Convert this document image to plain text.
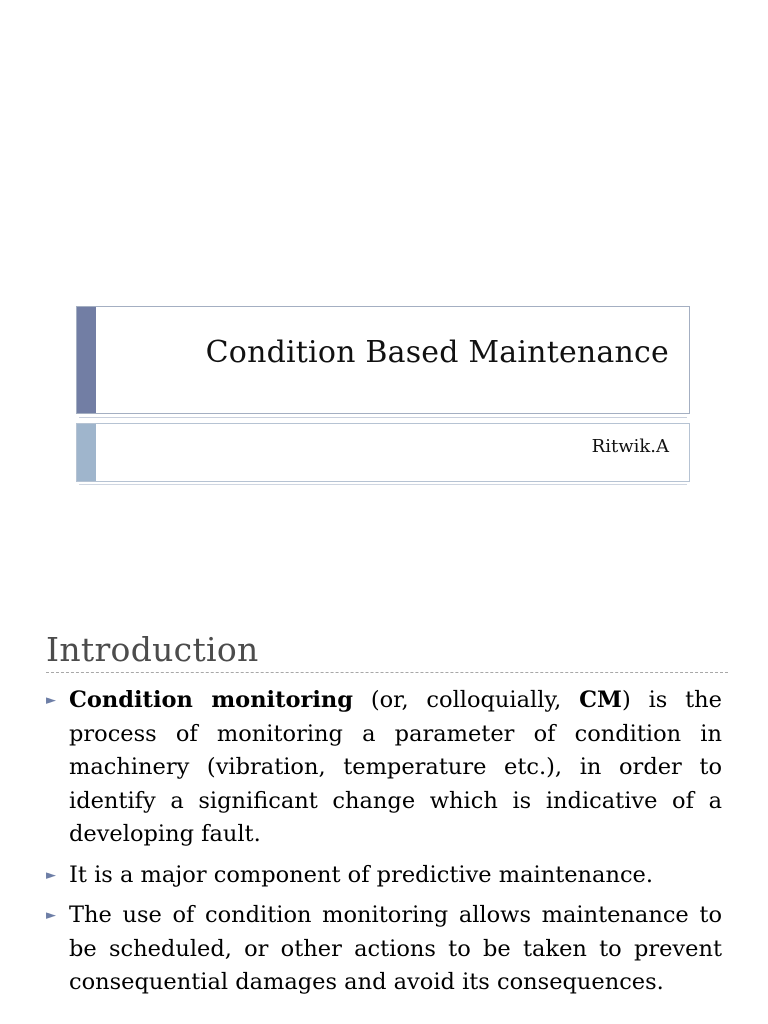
Condition Based Maintenance
Ritwik.A
Introduction
► Condition monitoring (or, colloquially, CM) is the process of monitoring a parameter of condition in machinery (vibration, temperature etc.), in order to identify a significant change which is indicative of a developing fault.
► It is a major component of predictive maintenance.
► The use of condition monitoring allows maintenance to be scheduled, or other actions to be taken to prevent consequential damages and avoid its consequences.
